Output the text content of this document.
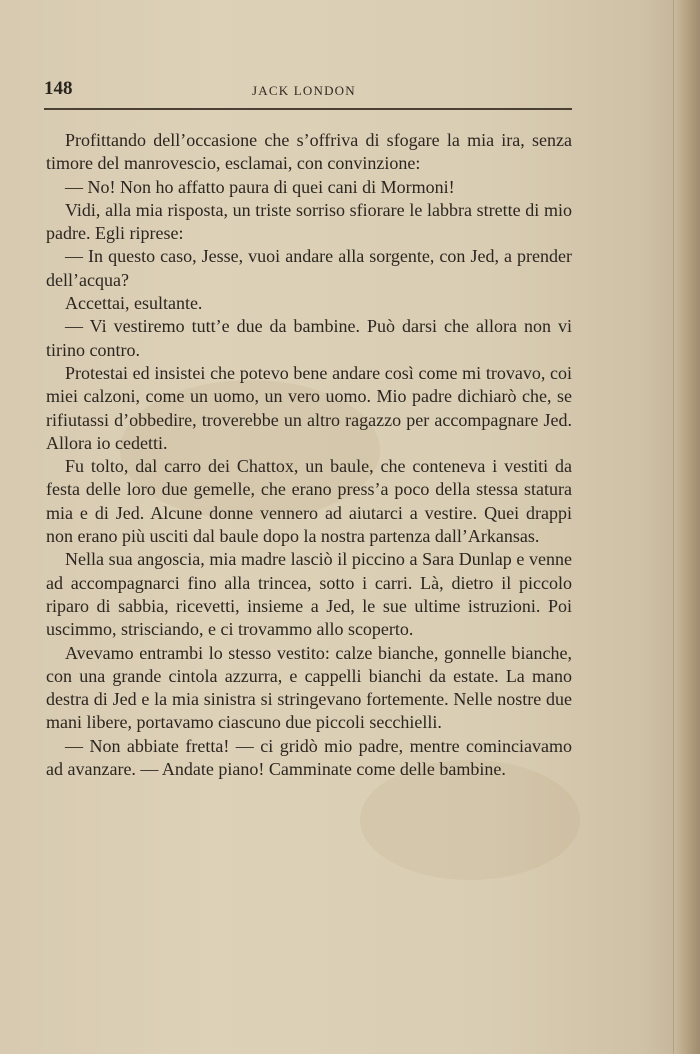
148	JACK LONDON

Profittando dell’occasione che s’offriva di sfogare la mia ira, senza timore del manrovescio, esclamai, con convinzione:

— No! Non ho affatto paura di quei cani di Mormoni!

Vidi, alla mia risposta, un triste sorriso sfiorare le labbra strette di mio padre. Egli riprese:

— In questo caso, Jesse, vuoi andare alla sorgente, con Jed, a prender dell’acqua?

Accettai, esultante.

— Vi vestiremo tutt’e due da bambine. Può darsi che allora non vi tirino contro.

Protestai ed insistei che potevo bene andare così come mi trovavo, coi miei calzoni, come un uomo, un vero uomo. Mio padre dichiarò che, se rifiutassi d’obbedire, troverebbe un altro ragazzo per accompagnare Jed. Allora io cedetti.

Fu tolto, dal carro dei Chattox, un baule, che conteneva i vestiti da festa delle loro due gemelle, che erano press’a poco della stessa statura mia e di Jed. Alcune donne vennero ad aiutarci a vestire. Quei drappi non erano più usciti dal baule dopo la nostra partenza dall’Arkansas.

Nella sua angoscia, mia madre lasciò il piccino a Sara Dunlap e venne ad accompagnarci fino alla trincea, sotto i carri. Là, dietro il piccolo riparo di sabbia, ricevetti, insieme a Jed, le sue ultime istruzioni. Poi uscimmo, strisciando, e ci trovammo allo scoperto.

Avevamo entrambi lo stesso vestito: calze bianche, gonnelle bianche, con una grande cintola azzurra, e cappelli bianchi da estate. La mano destra di Jed e la mia sinistra si stringevano fortemente. Nelle nostre due mani libere, portavamo ciascuno due piccoli secchielli.

— Non abbiate fretta! — ci gridò mio padre, mentre cominciavamo ad avanzare. — Andate piano! Camminate come delle bambine.
